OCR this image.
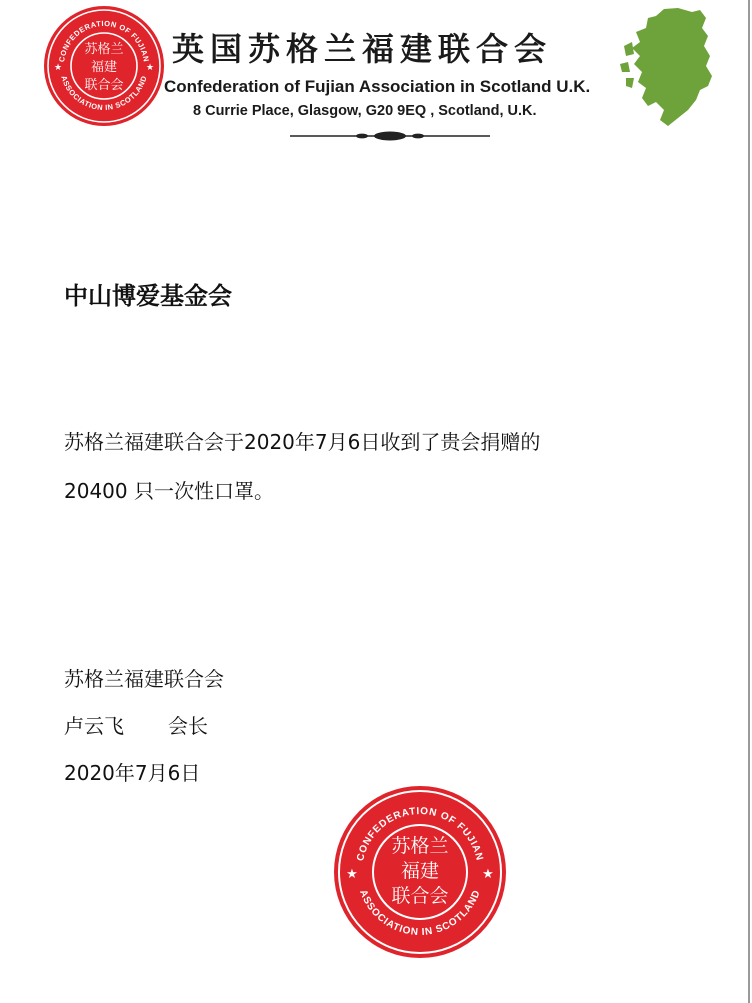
CONFEDERATION OF FUJIAN
ASSOCIATION IN SCOTLAND
苏格兰
福建
联合会
★	★ 英国苏格兰福建联合会
Confederation of Fujian Association in Scotland U.K.
8 Currie Place, Glasgow, G20 9EQ , Scotland, U.K.
中山博爱基金会
苏格兰福建联合会于2020年7月6日收到了贵会捐赠的
20400 只一次性口罩。
苏格兰福建联合会
卢云飞 会长
2020年7月6日
CONFEDERATION OF FUJIAN
ASSOCIATION IN SCOTLAND
苏格兰
福建
联合会
★	★
